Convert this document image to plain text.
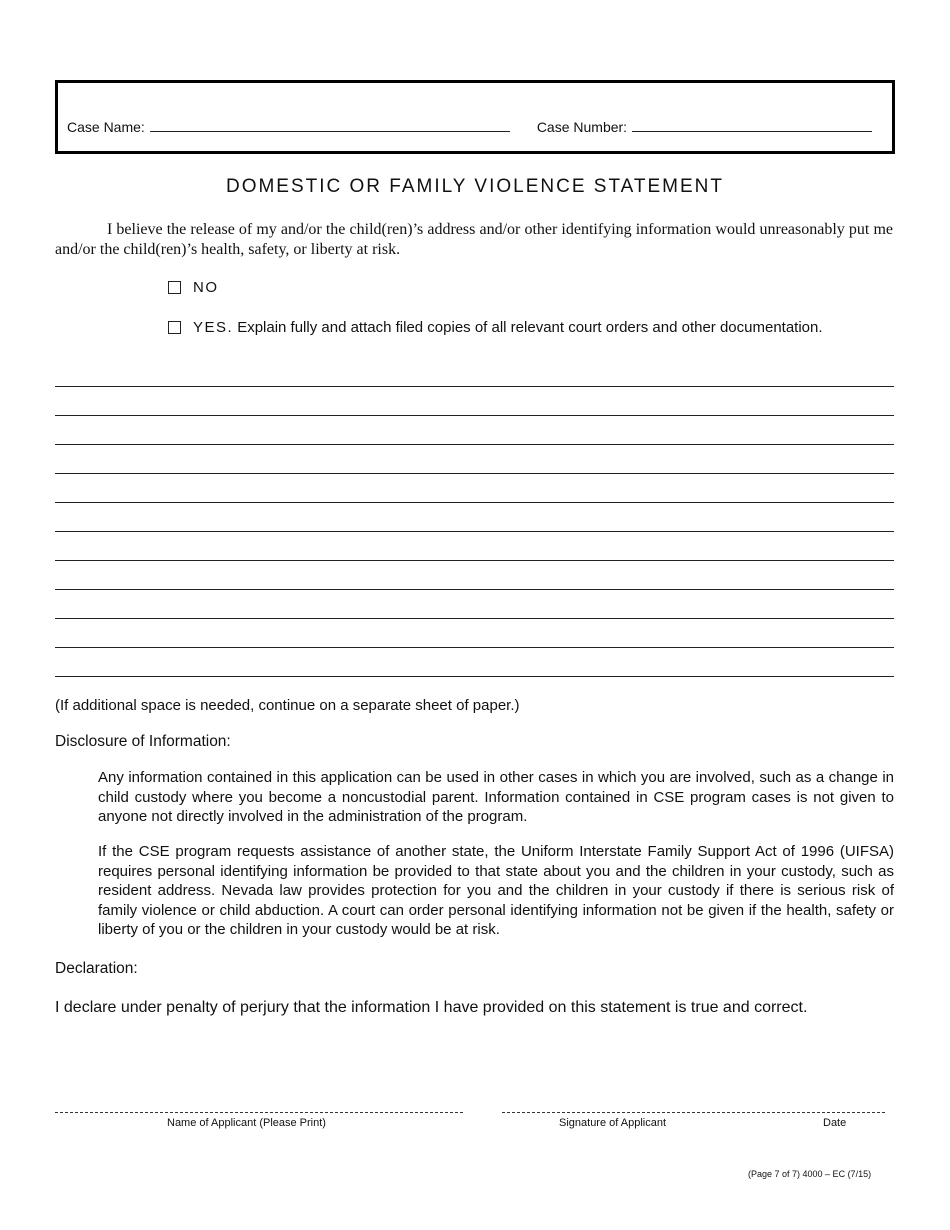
Case Name:	Case Number:
DOMESTIC OR FAMILY VIOLENCE STATEMENT
I believe the release of my and/or the child(ren)’s address and/or other identifying information would unreasonably put me and/or the child(ren)’s health, safety, or liberty at risk.
NO
YES. Explain fully and attach filed copies of all relevant court orders and other documentation.
(If additional space is needed, continue on a separate sheet of paper.)
Disclosure of Information:
Any information contained in this application can be used in other cases in which you are involved, such as a change in child custody where you become a noncustodial parent. Information contained in CSE program cases is not given to anyone not directly involved in the administration of the program.
If the CSE program requests assistance of another state, the Uniform Interstate Family Support Act of 1996 (UIFSA) requires personal identifying information be provided to that state about you and the children in your custody, such as resident address. Nevada law provides protection for you and the children in your custody if there is serious risk of family violence or child abduction. A court can order personal identifying information not be given if the health, safety or liberty of you or the children in your custody would be at risk.
Declaration:
I declare under penalty of perjury that the information I have provided on this statement is true and correct.
Name of Applicant (Please Print)	Signature of Applicant	Date
(Page 7 of 7) 4000 – EC (7/15)
